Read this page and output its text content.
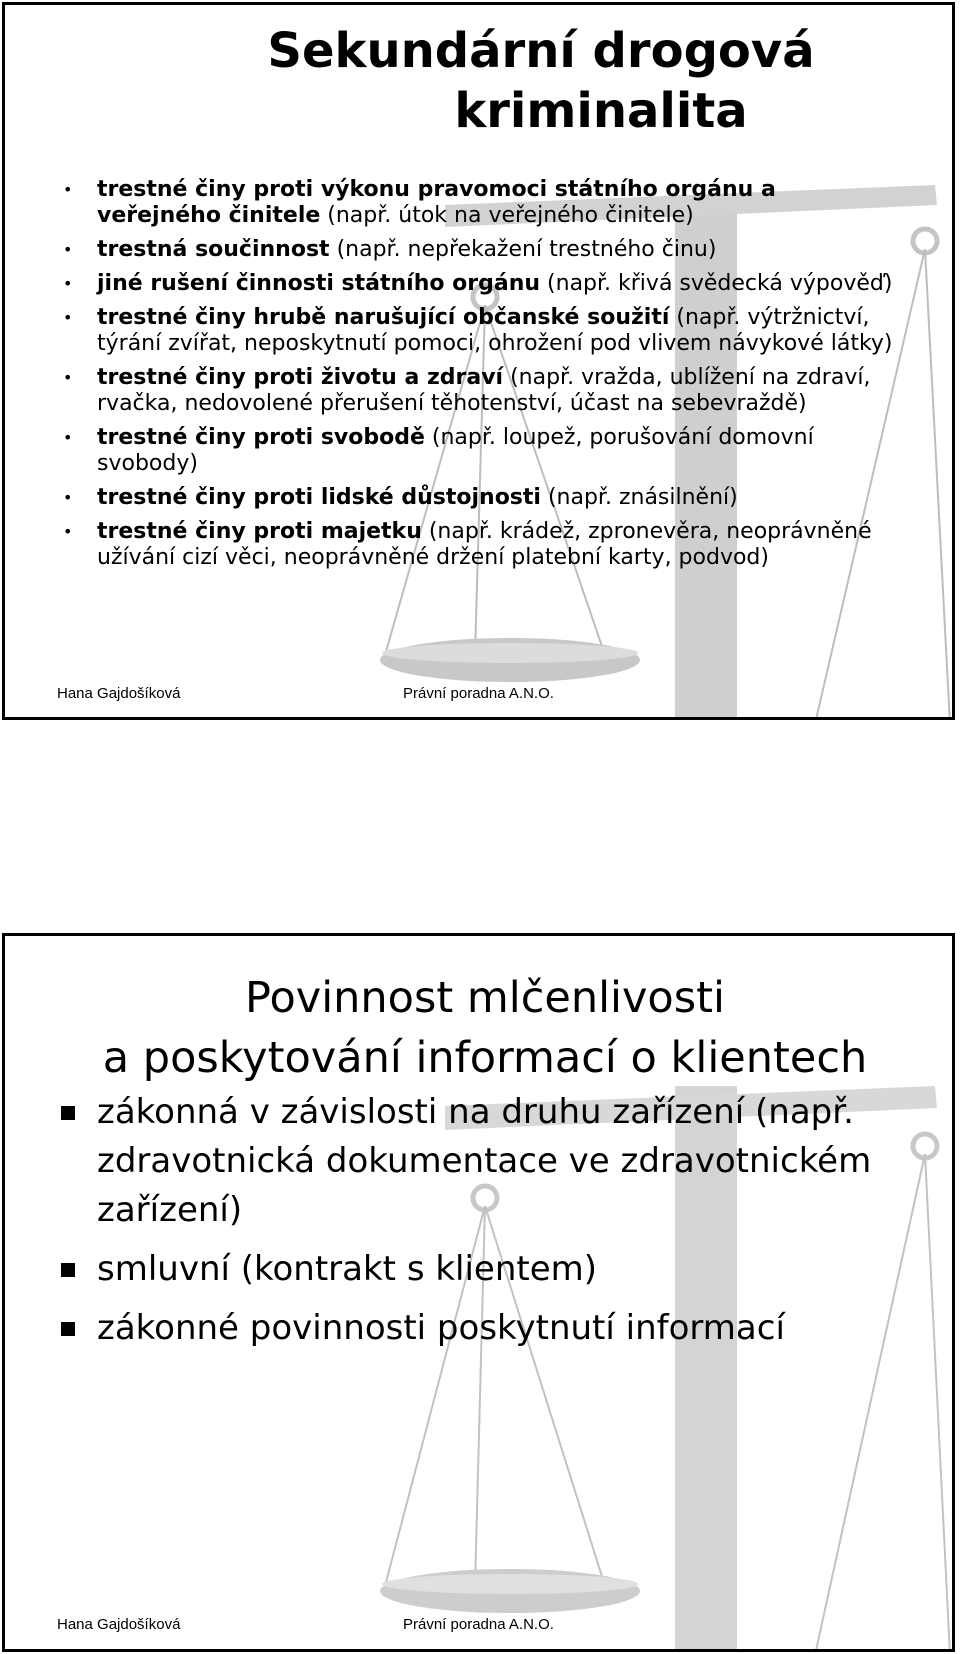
Sekundární drogová
kriminalita
• trestné činy proti výkonu pravomoci státního orgánu a veřejného činitele (např. útok na veřejného činitele)
• trestná součinnost (např. nepřekažení trestného činu)
• jiné rušení činnosti státního orgánu (např. křivá svědecká výpověď)
• trestné činy hrubě narušující občanské soužití (např. výtržnictví, týrání zvířat, neposkytnutí pomoci, ohrožení pod vlivem návykové látky)
• trestné činy proti životu a zdraví (např. vražda, ublížení na zdraví, rvačka, nedovolené přerušení těhotenství, účast na sebevraždě)
• trestné činy proti svobodě (např. loupež, porušování domovní svobody)
• trestné činy proti lidské důstojnosti (např. znásilnění)
• trestné činy proti majetku (např. krádež, zpronevěra, neoprávněné užívání cizí věci, neoprávněné držení platební karty, podvod)
Hana Gajdošíková	Právní poradna A.N.O.
Povinnost mlčenlivosti
a poskytování informací o klientech
zákonná v závislosti na druhu zařízení (např. zdravotnická dokumentace ve zdravotnickém zařízení)
smluvní (kontrakt s klientem)
zákonné povinnosti poskytnutí informací
Hana Gajdošíková	Právní poradna A.N.O.
